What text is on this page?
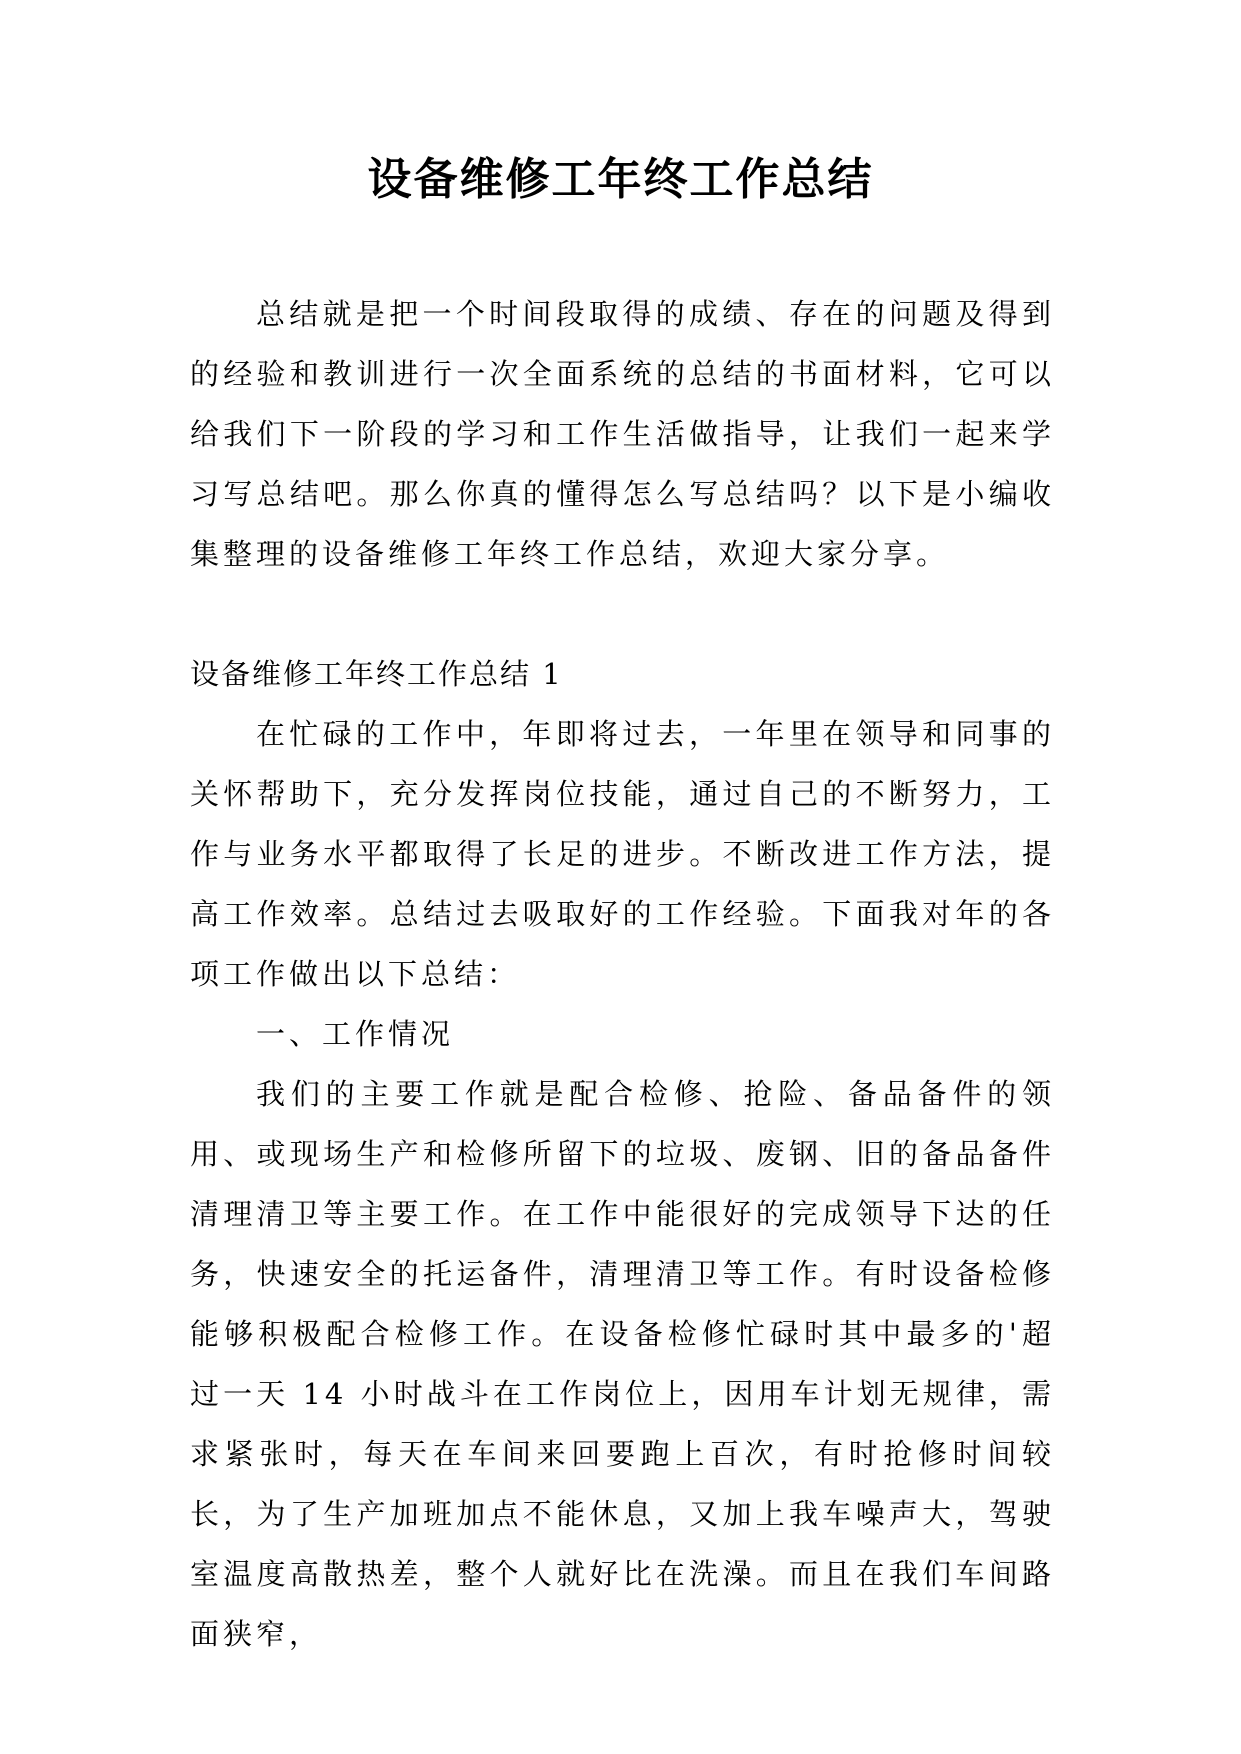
设备维修工年终工作总结

总结就是把一个时间段取得的成绩、存在的问题及得到的经验和教训进行一次全面系统的总结的书面材料，它可以给我们下一阶段的学习和工作生活做指导，让我们一起来学习写总结吧。那么你真的懂得怎么写总结吗？以下是小编收集整理的设备维修工年终工作总结，欢迎大家分享。

设备维修工年终工作总结 1

在忙碌的工作中，年即将过去，一年里在领导和同事的关怀帮助下，充分发挥岗位技能，通过自己的不断努力，工作与业务水平都取得了长足的进步。不断改进工作方法，提高工作效率。总结过去吸取好的工作经验。下面我对年的各项工作做出以下总结：

一、工作情况

我们的主要工作就是配合检修、抢险、备品备件的领用、或现场生产和检修所留下的垃圾、废钢、旧的备品备件清理清卫等主要工作。在工作中能很好的完成领导下达的任务，快速安全的托运备件，清理清卫等工作。有时设备检修能够积极配合检修工作。在设备检修忙碌时其中最多的'超过一天 14 小时战斗在工作岗位上，因用车计划无规律，需求紧张时，每天在车间来回要跑上百次，有时抢修时间较长，为了生产加班加点不能休息，又加上我车噪声大，驾驶室温度高散热差，整个人就好比在洗澡。而且在我们车间路面狭窄，
